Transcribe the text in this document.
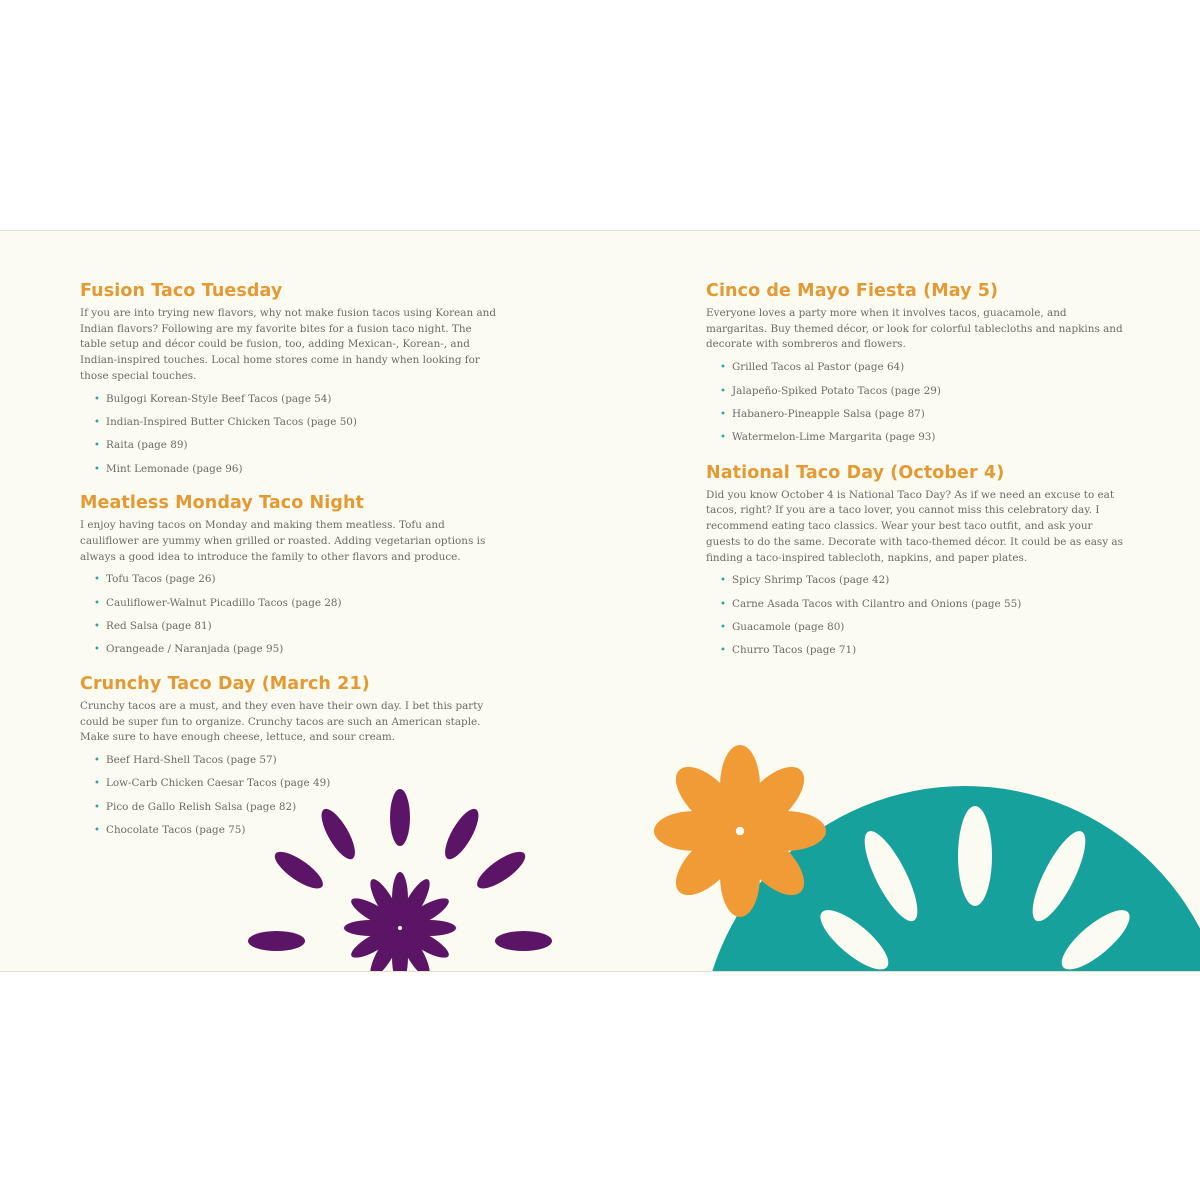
Fusion Taco Tuesday

If you are into trying new flavors, why not make fusion tacos using Korean and Indian flavors? Following are my favorite bites for a fusion taco night. The table setup and décor could be fusion, too, adding Mexican-, Korean-, and Indian-inspired touches. Local home stores come in handy when looking for those special touches.

• Bulgogi Korean-Style Beef Tacos (page 54)
• Indian-Inspired Butter Chicken Tacos (page 50)
• Raita (page 89)
• Mint Lemonade (page 96)
Meatless Monday Taco Night

I enjoy having tacos on Monday and making them meatless. Tofu and cauliflower are yummy when grilled or roasted. Adding vegetarian options is always a good idea to introduce the family to other flavors and produce.

• Tofu Tacos (page 26)
• Cauliflower-Walnut Picadillo Tacos (page 28)
• Red Salsa (page 81)
• Orangeade / Naranjada (page 95)
Crunchy Taco Day (March 21)

Crunchy tacos are a must, and they even have their own day. I bet this party could be super fun to organize. Crunchy tacos are such an American staple. Make sure to have enough cheese, lettuce, and sour cream.

• Beef Hard-Shell Tacos (page 57)
• Low-Carb Chicken Caesar Tacos (page 49)
• Pico de Gallo Relish Salsa (page 82)
• Chocolate Tacos (page 75)
Cinco de Mayo Fiesta (May 5)

Everyone loves a party more when it involves tacos, guacamole, and margaritas. Buy themed décor, or look for colorful tablecloths and napkins and decorate with sombreros and flowers.

• Grilled Tacos al Pastor (page 64)
• Jalapeño-Spiked Potato Tacos (page 29)
• Habanero-Pineapple Salsa (page 87)
• Watermelon-Lime Margarita (page 93)
National Taco Day (October 4)

Did you know October 4 is National Taco Day? As if we need an excuse to eat tacos, right? If you are a taco lover, you cannot miss this celebratory day. I recommend eating taco classics. Wear your best taco outfit, and ask your guests to do the same. Decorate with taco-themed décor. It could be as easy as finding a taco-inspired tablecloth, napkins, and paper plates.

• Spicy Shrimp Tacos (page 42)
• Carne Asada Tacos with Cilantro and Onions (page 55)
• Guacamole (page 80)
• Churro Tacos (page 71)
